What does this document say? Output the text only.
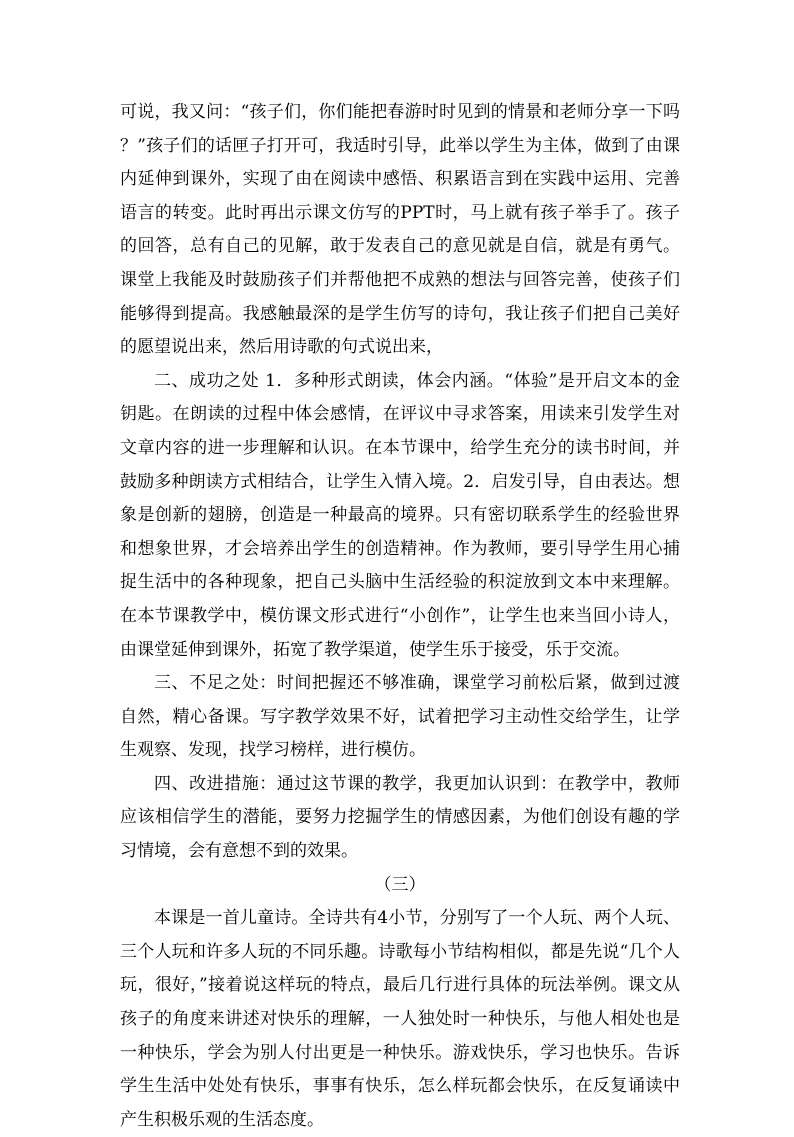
可说，我又问：“孩子们，你们能把春游时时见到的情景和老师分享一下吗？”孩子们的话匣子打开可，我适时引导，此举以学生为主体，做到了由课内延伸到课外，实现了由在阅读中感悟、积累语言到在实践中运用、完善语言的转变。此时再出示课文仿写的PPT时，马上就有孩子举手了。孩子的回答，总有自己的见解，敢于发表自己的意见就是自信，就是有勇气。课堂上我能及时鼓励孩子们并帮他把不成熟的想法与回答完善，使孩子们能够得到提高。我感触最深的是学生仿写的诗句，我让孩子们把自己美好的愿望说出来，然后用诗歌的句式说出来，

二、成功之处 1．多种形式朗读，体会内涵。“体验”是开启文本的金钥匙。在朗读的过程中体会感情，在评议中寻求答案，用读来引发学生对文章内容的进一步理解和认识。在本节课中，给学生充分的读书时间，并鼓励多种朗读方式相结合，让学生入情入境。2．启发引导，自由表达。想象是创新的翅膀，创造是一种最高的境界。只有密切联系学生的经验世界和想象世界，才会培养出学生的创造精神。作为教师，要引导学生用心捕捉生活中的各种现象，把自己头脑中生活经验的积淀放到文本中来理解。在本节课教学中，模仿课文形式进行“小创作”，让学生也来当回小诗人，由课堂延伸到课外，拓宽了教学渠道，使学生乐于接受，乐于交流。

三、不足之处：时间把握还不够准确，课堂学习前松后紧，做到过渡自然，精心备课。写字教学效果不好，试着把学习主动性交给学生，让学生观察、发现，找学习榜样，进行模仿。

四、改进措施：通过这节课的教学，我更加认识到：在教学中，教师应该相信学生的潜能，要努力挖掘学生的情感因素，为他们创设有趣的学习情境，会有意想不到的效果。

（三）

本课是一首儿童诗。全诗共有4小节，分别写了一个人玩、两个人玩、三个人玩和许多人玩的不同乐趣。诗歌每小节结构相似，都是先说“几个人玩，很好，”接着说这样玩的特点，最后几行进行具体的玩法举例。课文从孩子的角度来讲述对快乐的理解，一人独处时一种快乐，与他人相处也是一种快乐，学会为别人付出更是一种快乐。游戏快乐，学习也快乐。告诉学生生活中处处有快乐，事事有快乐，怎么样玩都会快乐，在反复诵读中产生积极乐观的生活态度。
